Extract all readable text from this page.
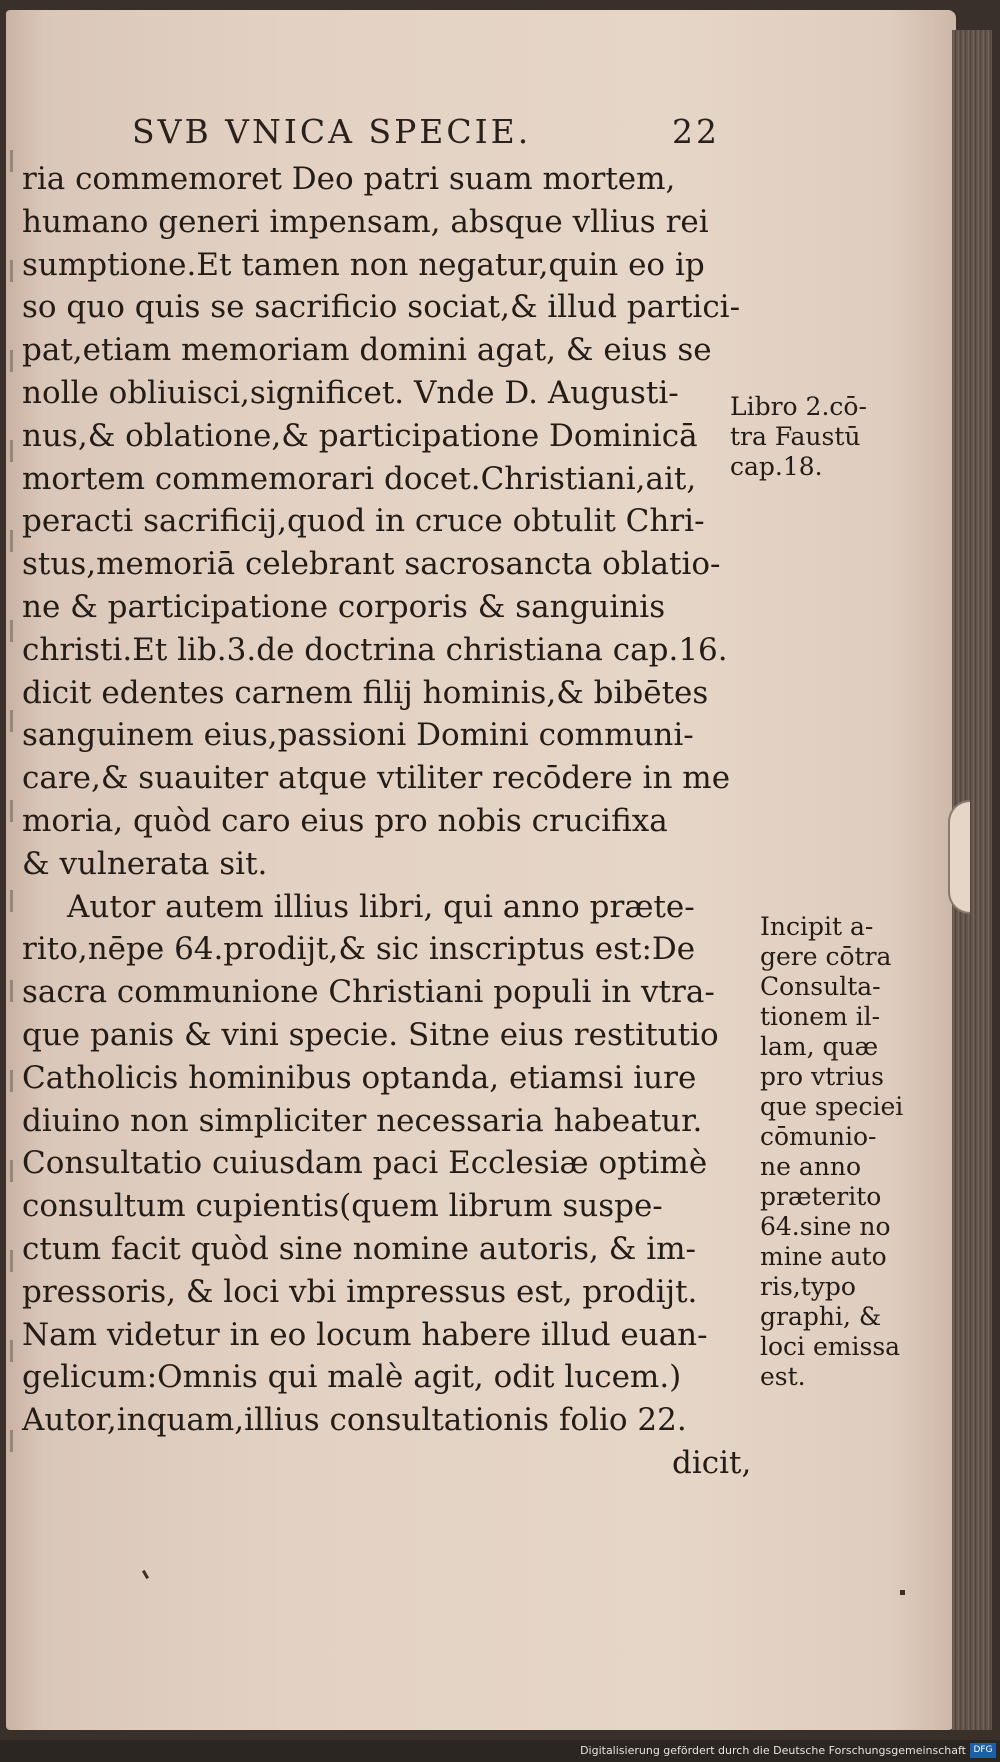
SVB VNICA SPECIE.	22
ria commemoret Deo patri suam mortem,
humano generi impensam, absque vllius rei
sumptione.Et tamen non negatur,quin eo ip
so quo quis se sacrificio sociat,& illud partici-
pat,etiam memoriam domini agat, & eius se
nolle obliuisci,significet. Vnde D. Augusti-
nus,& oblatione,& participatione Dominicā
mortem commemorari docet.Christiani,ait,
peracti sacrificij,quod in cruce obtulit Chri-
stus,memoriā celebrant sacrosancta oblatio-
ne & participatione corporis & sanguinis
christi.Et lib.3.de doctrina christiana cap.16.
dicit edentes carnem filij hominis,& bibētes
sanguinem eius,passioni Domini communi-
care,& suauiter atque vtiliter recōdere in me
moria, quòd caro eius pro nobis crucifixa
& vulnerata sit.
Autor autem illius libri, qui anno præte-
rito,nēpe 64.prodijt,& sic inscriptus est:De
sacra communione Christiani populi in vtra-
que panis & vini specie. Sitne eius restitutio
Catholicis hominibus optanda, etiamsi iure
diuino non simpliciter necessaria habeatur.
Consultatio cuiusdam paci Ecclesiæ optimè
consultum cupientis(quem librum suspe-
ctum facit quòd sine nomine autoris, & im-
pressoris, & loci vbi impressus est, prodijt.
Nam videtur in eo locum habere illud euan-
gelicum:Omnis qui malè agit, odit lucem.)
Autor,inquam,illius consultationis folio 22.
dicit,
Libro 2.cō-
tra Faustū
cap.18.
Incipit a-
gere cōtra
Consulta-
tionem il-
lam, quæ
pro vtrius
que speciei
cōmunio-
ne anno
præterito
64.sine no
mine auto
ris,typo
graphi, &
loci emissa
est.
Digitalisierung gefördert durch die Deutsche Forschungsgemeinschaft DFG
